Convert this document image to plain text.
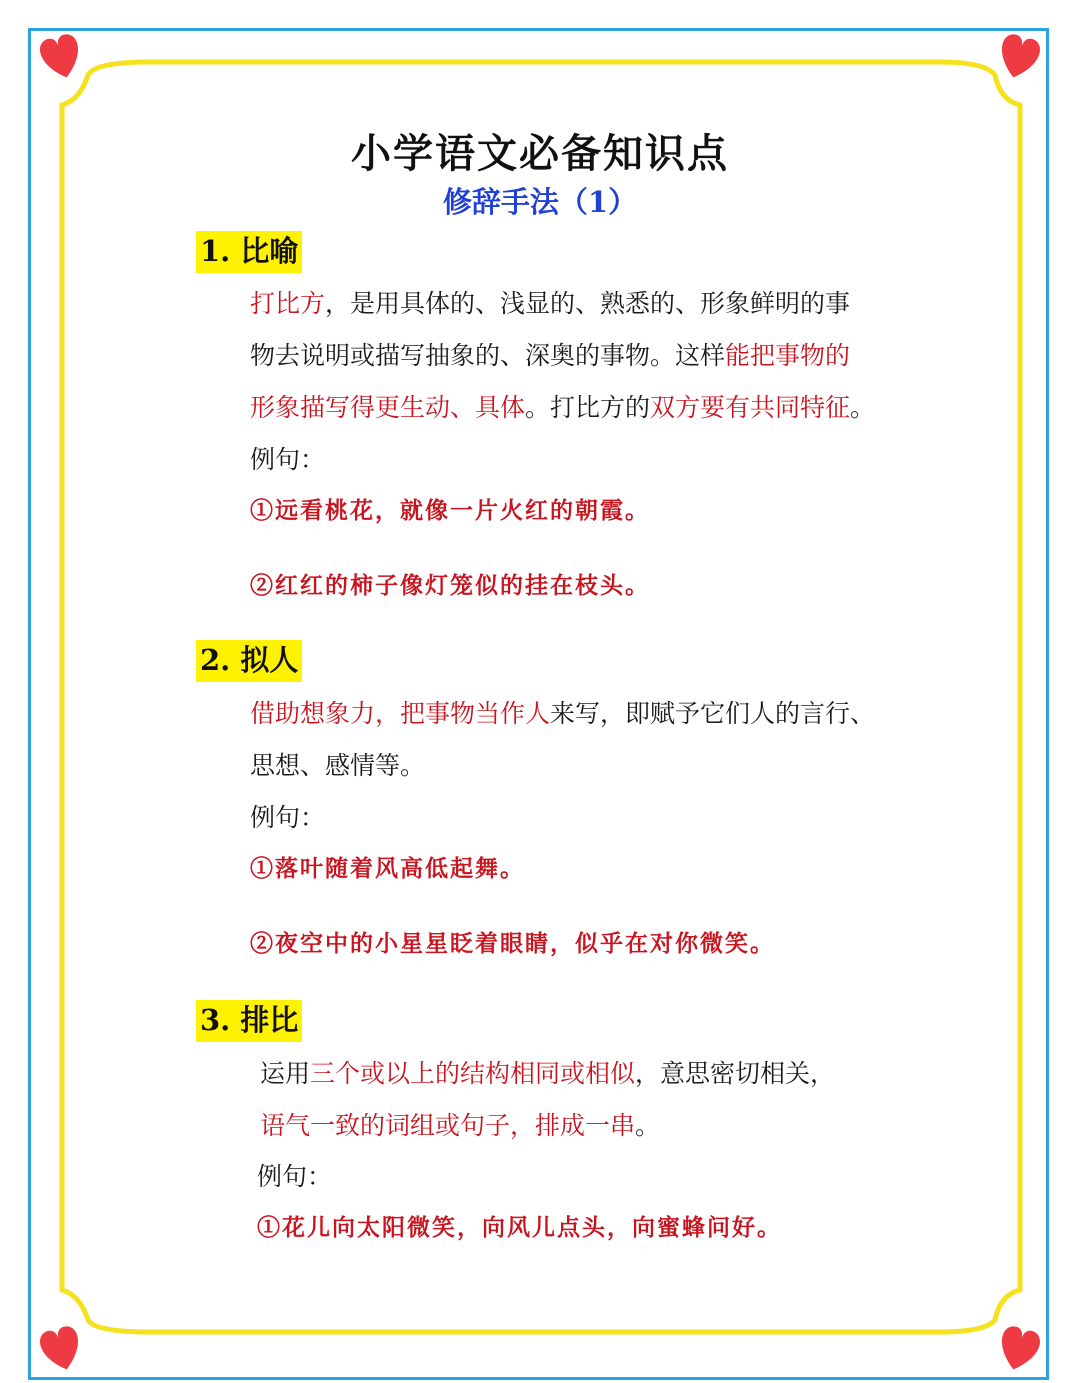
小学语文必备知识点
修辞手法（1）
1. 比喻
打比方，是用具体的、浅显的、熟悉的、形象鲜明的事
物去说明或描写抽象的、深奥的事物。这样能把事物的
形象描写得更生动、具体。打比方的双方要有共同特征。
例句：
①远看桃花，就像一片火红的朝霞。
②红红的柿子像灯笼似的挂在枝头。
2. 拟人
借助想象力，把事物当作人来写，即赋予它们人的言行、
思想、感情等。
例句：
①落叶随着风高低起舞。
②夜空中的小星星眨着眼睛，似乎在对你微笑。
3. 排比
运用三个或以上的结构相同或相似，意思密切相关，
语气一致的词组或句子，排成一串。
例句：
①花儿向太阳微笑，向风儿点头，向蜜蜂问好。
